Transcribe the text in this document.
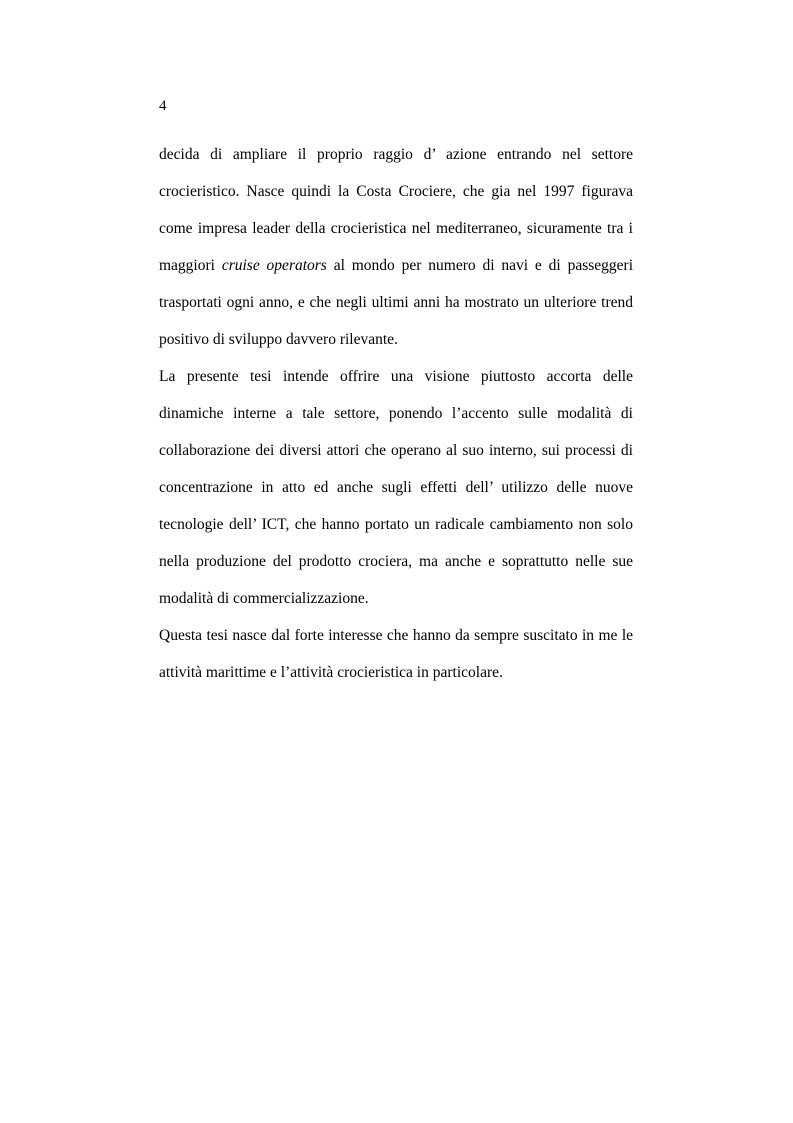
4
decida di ampliare il proprio raggio d’ azione entrando nel settore
crocieristico. Nasce quindi la Costa Crociere, che gia nel 1997 figurava
come impresa leader della crocieristica nel mediterraneo, sicuramente tra i
maggiori cruise operators al mondo per numero di navi e di passeggeri
trasportati ogni anno, e che negli ultimi anni ha mostrato un ulteriore trend
positivo di sviluppo davvero rilevante.
La presente tesi intende offrire una visione piuttosto accorta delle
dinamiche interne a tale settore, ponendo l’accento sulle modalità di
collaborazione dei diversi attori che operano al suo interno, sui processi di
concentrazione in atto ed anche sugli effetti dell’ utilizzo delle nuove
tecnologie dell’ ICT, che hanno portato un radicale cambiamento non solo
nella produzione del prodotto crociera, ma anche e soprattutto nelle sue
modalità di commercializzazione.
Questa tesi nasce dal forte interesse che hanno da sempre suscitato in me le
attività marittime e l’attività crocieristica in particolare.
